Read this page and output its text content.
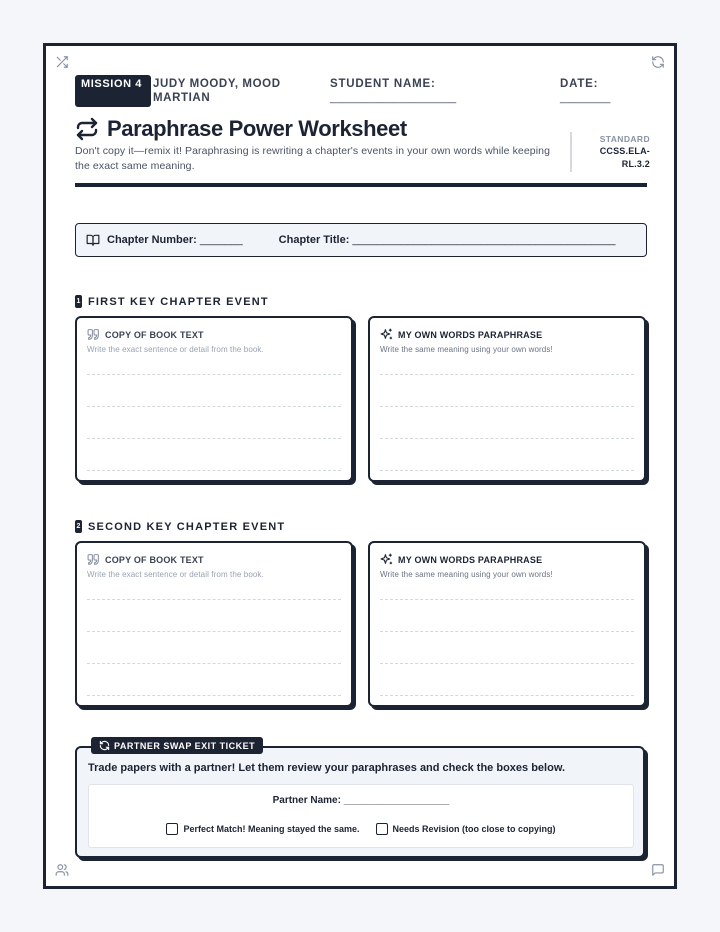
MISSION 4 JUDY MOODY, MOOD MARTIAN
STUDENT NAME:
____________________
DATE:
________
Paraphrase Power Worksheet

Don't copy it—remix it! Paraphrasing is rewriting a chapter's events in your own words while keeping the exact same meaning.

STANDARD
CCSS.ELA-RL.3.2
Chapter Number: _______	Chapter Title: ___________________________________________
1 FIRST KEY CHAPTER EVENT
COPY OF BOOK TEXT
Write the exact sentence or detail from the book.
MY OWN WORDS PARAPHRASE
Write the same meaning using your own words!
2 SECOND KEY CHAPTER EVENT
COPY OF BOOK TEXT
Write the exact sentence or detail from the book.
MY OWN WORDS PARAPHRASE
Write the same meaning using your own words!
PARTNER SWAP EXIT TICKET
Trade papers with a partner! Let them review your paraphrases and check the boxes below.
Partner Name: ___________________
Perfect Match! Meaning stayed the same.	Needs Revision (too close to copying)
